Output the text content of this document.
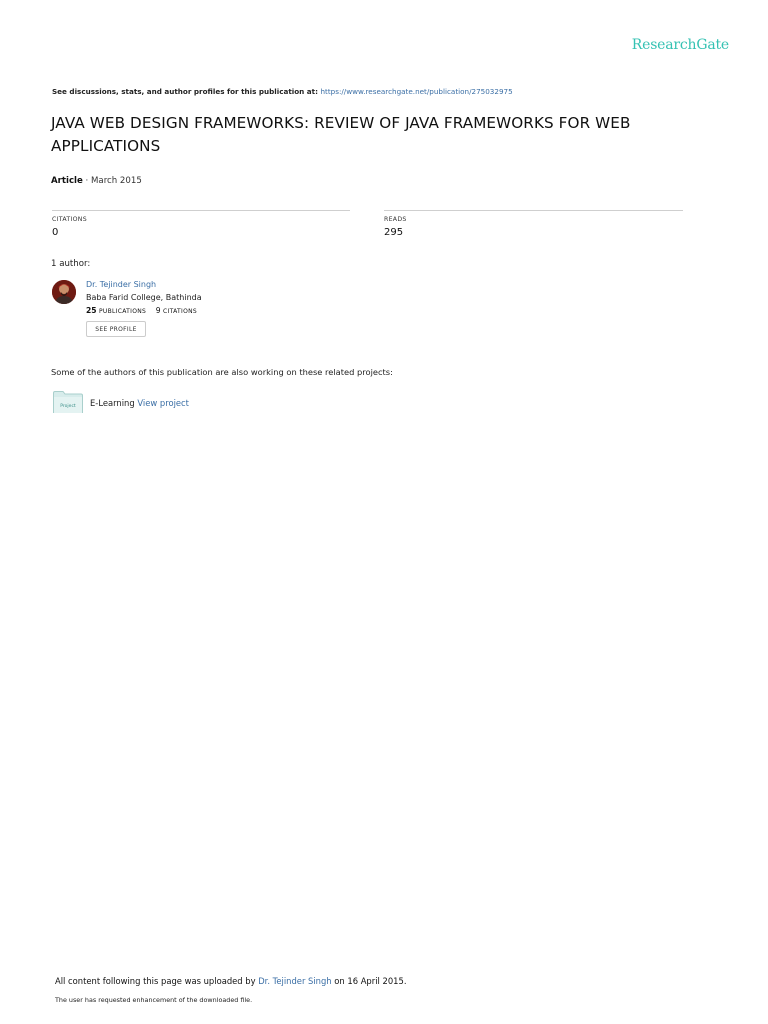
ResearchGate
See discussions, stats, and author profiles for this publication at: https://www.researchgate.net/publication/275032975
JAVA WEB DESIGN FRAMEWORKS: REVIEW OF JAVA FRAMEWORKS FOR WEB APPLICATIONS
Article · March 2015
CITATIONS
0
READS
295
1 author:
Dr. Tejinder Singh
Baba Farid College, Bathinda
25 PUBLICATIONS 9 CITATIONS
SEE PROFILE
Some of the authors of this publication are also working on these related projects:
Project E-Learning View project
All content following this page was uploaded by Dr. Tejinder Singh on 16 April 2015.
The user has requested enhancement of the downloaded file.
